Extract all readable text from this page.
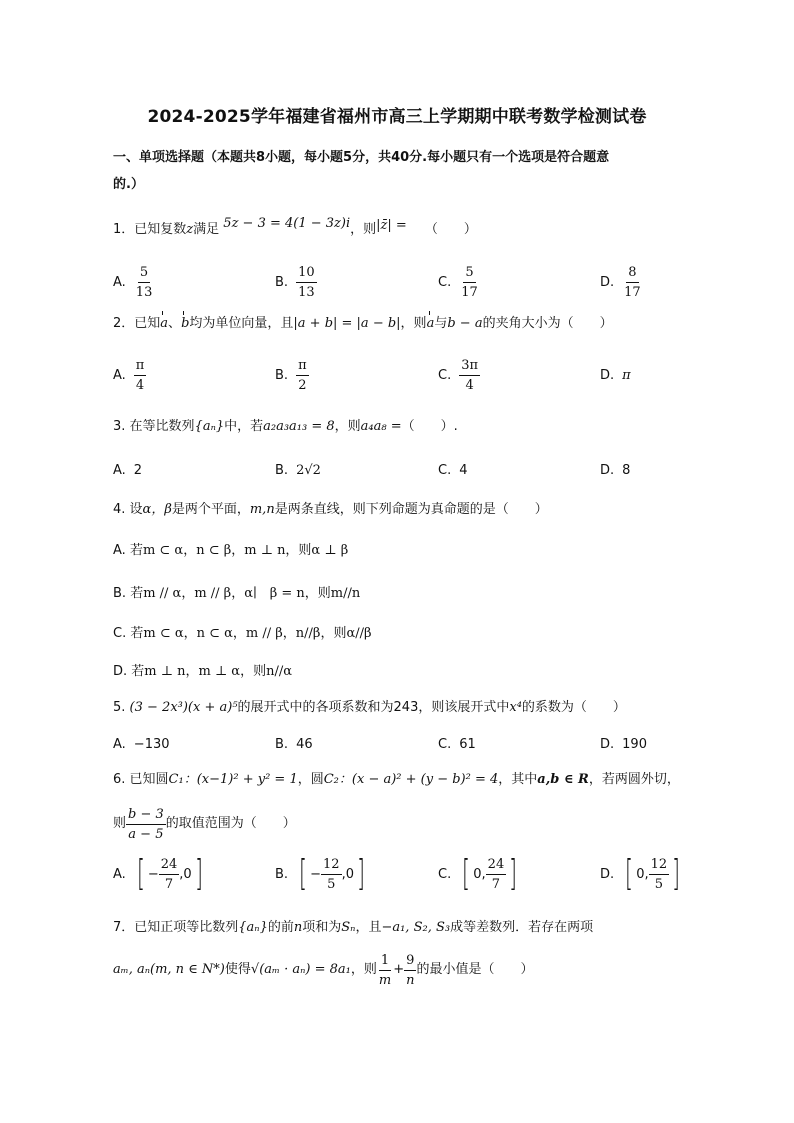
2024-2025学年福建省福州市高三上学期期中联考数学检测试卷
一、单项选择题（本题共8小题，每小题5分，共40分.每小题只有一个选项是符合题意
的.）
1．已知复数z满足 5z − 3 = 4(1 − 3z)i，则|z̄| = （　　）
A. $\frac{5}{13}$	B. $\frac{10}{13}$	C. $\frac{5}{17}$	D. $\frac{8}{17}$
2．已知a、b均为单位向量，且|a + b| = |a − b|，则a与b − a的夹角大小为（　　）
A. $\frac{\pi}{4}$	B. $\frac{\pi}{2}$	C. $\frac{3\pi}{4}$	D. π
3. 在等比数列{aₙ}中，若a₂a₃a₁₃ = 8，则a₄a₈ =（　　）.
A. 2	B. 2√2	C. 4	D. 8
4. 设α，β是两个平面，m,n是两条直线，则下列命题为真命题的是（　　）
A. 若m ⊂ α，n ⊂ β，m ⊥ n，则α ⊥ β
B. 若m // α，m // β，α∣　β = n，则m//n
C. 若m ⊂ α，n ⊂ α，m // β，n//β，则α//β
D. 若m ⊥ n，m ⊥ α，则n//α
5. (3 − 2x³)(x + a)⁵的展开式中的各项系数和为243，则该展开式中x⁴的系数为（　　）
A. −130	B. 46	C. 61	D. 190
6. 已知圆C₁：(x−1)² + y² = 1，圆C₂：(x − a)² + (y − b)² = 4，其中a,b ∈ R，若两圆外切，
则 $\frac{b - 3}{a - 5}$ 的取值范围为（　　）
A. [ − $\frac{24}{7} ,0$ ]	B. [ − $\frac{12}{5} ,0$ ]	C. [ 0, $\frac{24}{7}$ ]	D. [ 0, $\frac{12}{5}$ ]
7．已知正项等比数列{aₙ}的前n项和为Sₙ，且−a₁, S₂, S₃成等差数列．若存在两项
aₘ, aₙ(m, n ∈ N*) 使得 √(aₘ · aₙ) = 8a₁ ，则 $\frac{1}{m} + \frac{9}{n}$ 的最小值是（　　）
